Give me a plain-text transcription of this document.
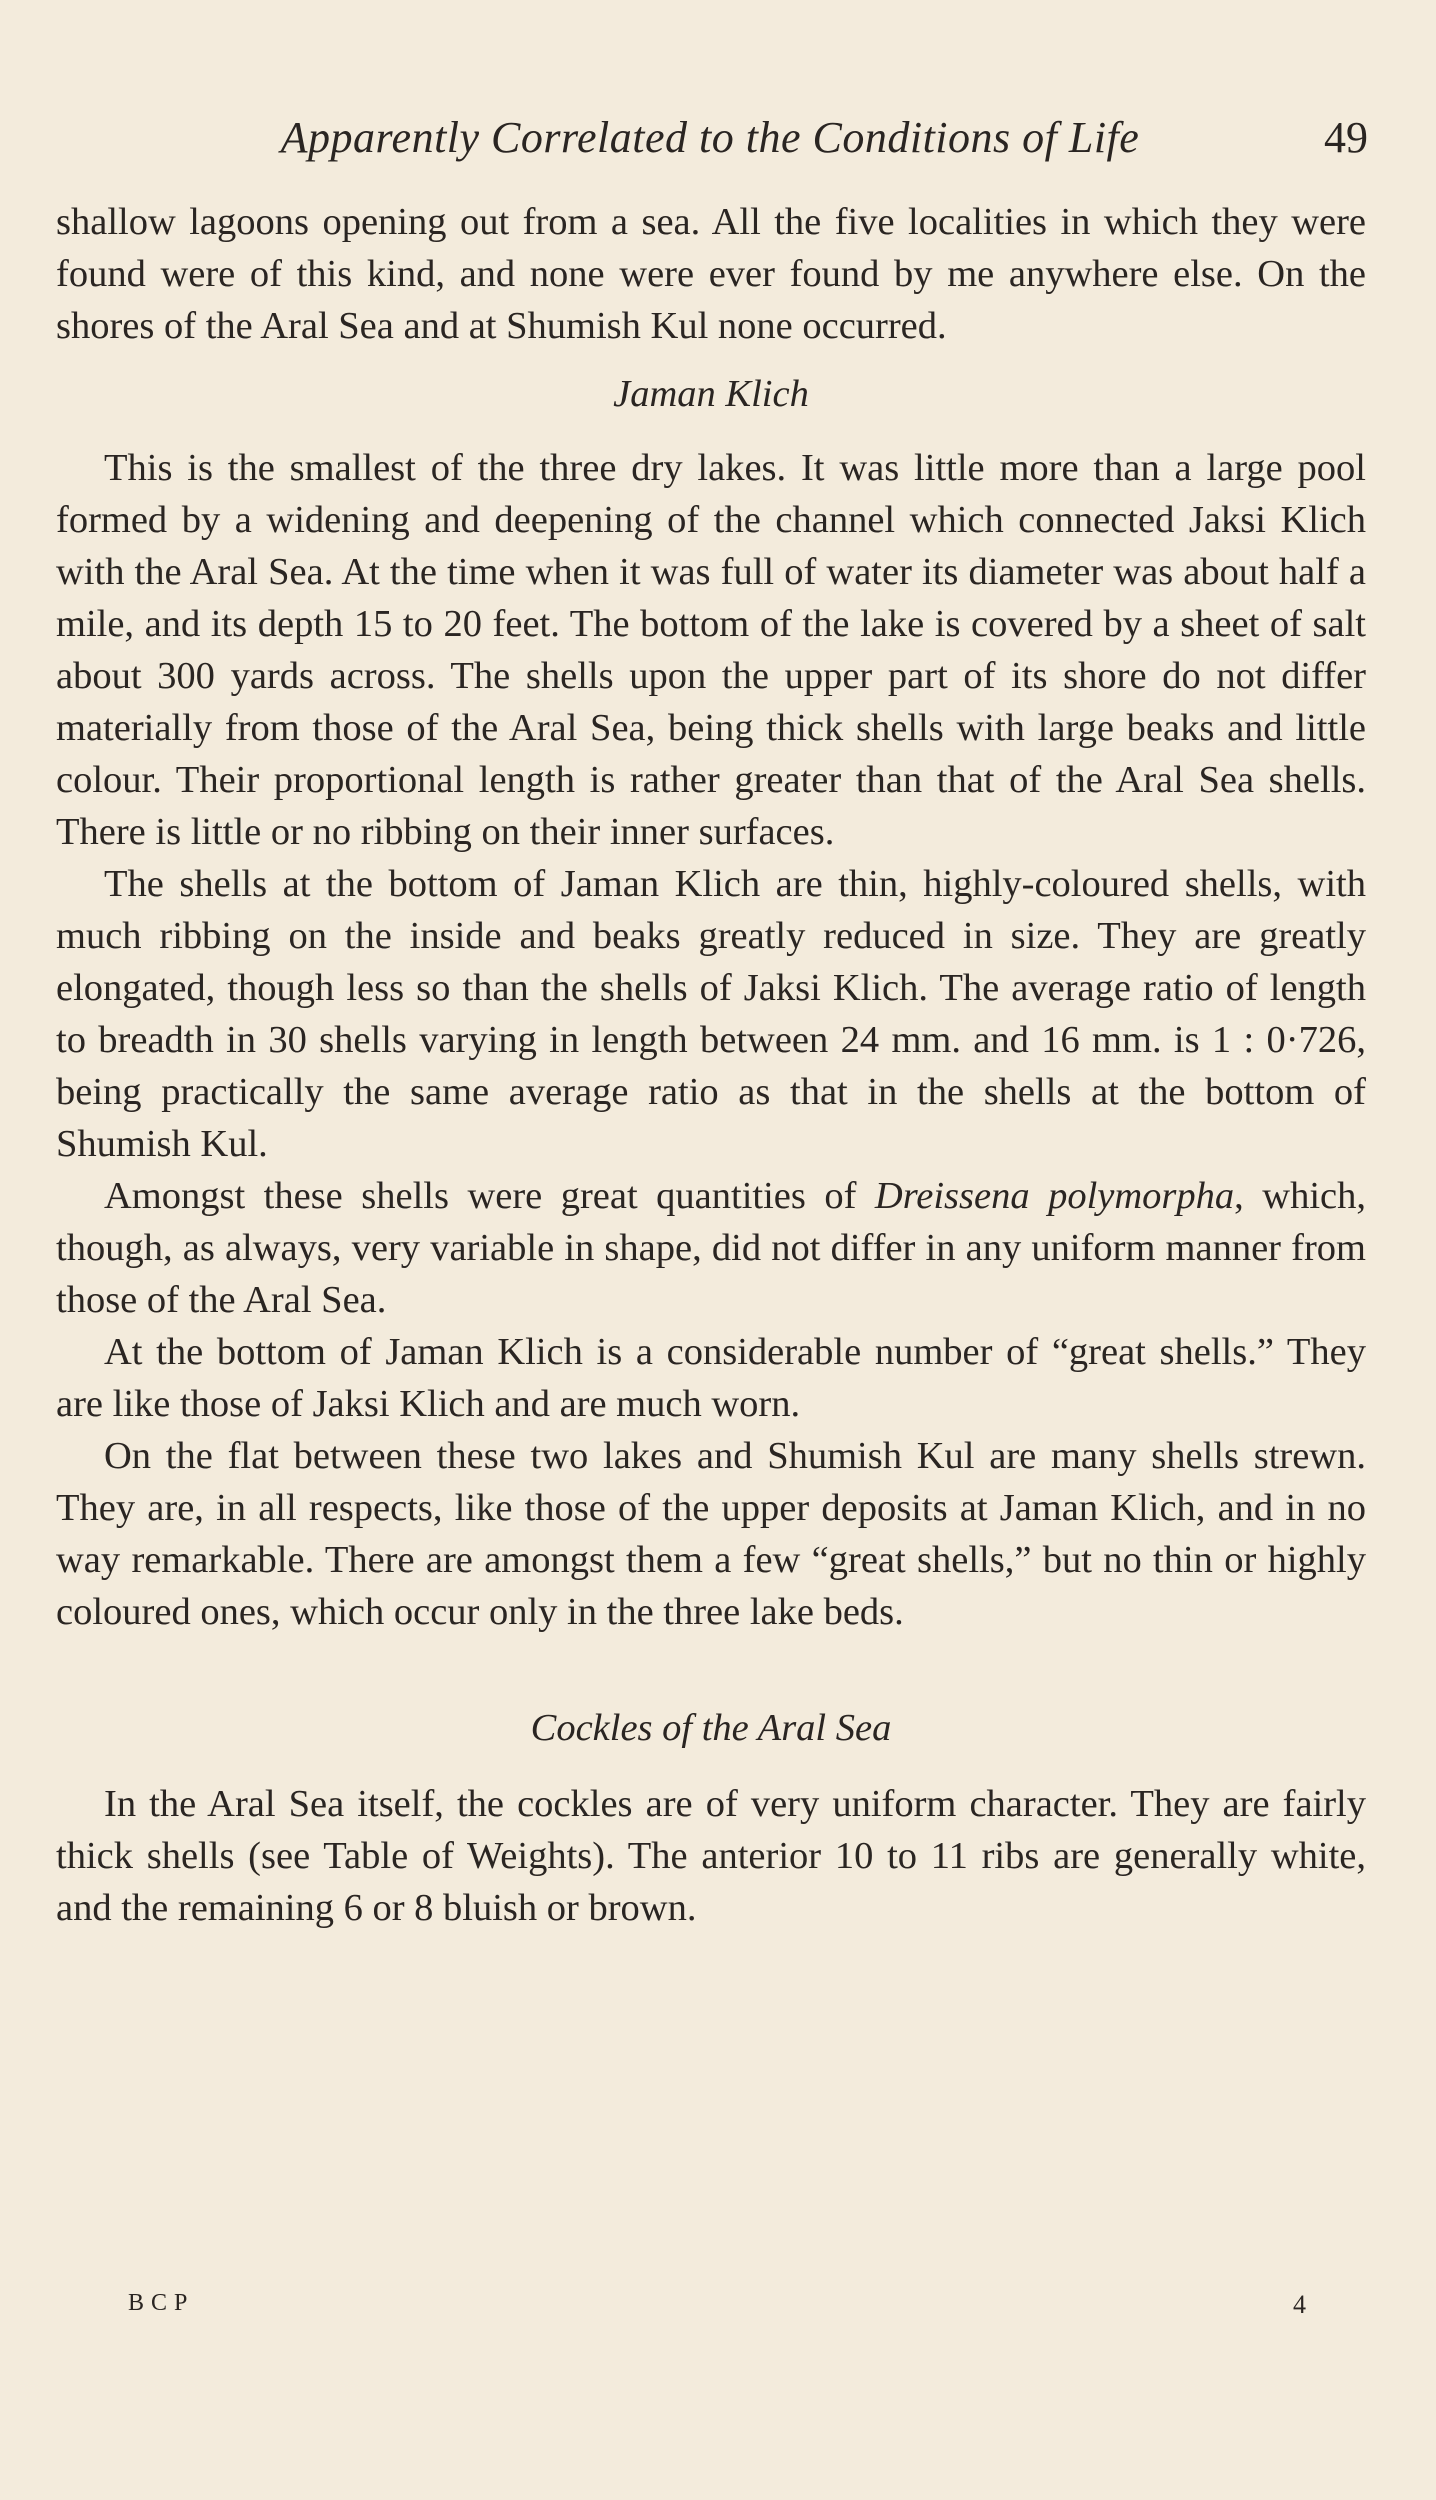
Apparently Correlated to the Conditions of Life	49

shallow lagoons opening out from a sea. All the five localities in which they were found were of this kind, and none were ever found by me anywhere else. On the shores of the Aral Sea and at Shumish Kul none occurred.

Jaman Klich

This is the smallest of the three dry lakes. It was little more than a large pool formed by a widening and deepening of the channel which connected Jaksi Klich with the Aral Sea. At the time when it was full of water its diameter was about half a mile, and its depth 15 to 20 feet. The bottom of the lake is covered by a sheet of salt about 300 yards across. The shells upon the upper part of its shore do not differ materially from those of the Aral Sea, being thick shells with large beaks and little colour. Their proportional length is rather greater than that of the Aral Sea shells. There is little or no ribbing on their inner surfaces.

The shells at the bottom of Jaman Klich are thin, highly-coloured shells, with much ribbing on the inside and beaks greatly reduced in size. They are greatly elongated, though less so than the shells of Jaksi Klich. The average ratio of length to breadth in 30 shells varying in length between 24 mm. and 16 mm. is 1 : 0·726, being practically the same average ratio as that in the shells at the bottom of Shumish Kul.

Amongst these shells were great quantities of Dreissena polymorpha, which, though, as always, very variable in shape, did not differ in any uniform manner from those of the Aral Sea.

At the bottom of Jaman Klich is a considerable number of “great shells.” They are like those of Jaksi Klich and are much worn.

On the flat between these two lakes and Shumish Kul are many shells strewn. They are, in all respects, like those of the upper deposits at Jaman Klich, and in no way remarkable. There are amongst them a few “great shells,” but no thin or highly coloured ones, which occur only in the three lake beds.

Cockles of the Aral Sea

In the Aral Sea itself, the cockles are of very uniform character. They are fairly thick shells (see Table of Weights). The anterior 10 to 11 ribs are generally white, and the remaining 6 or 8 bluish or brown.

BCP	4
